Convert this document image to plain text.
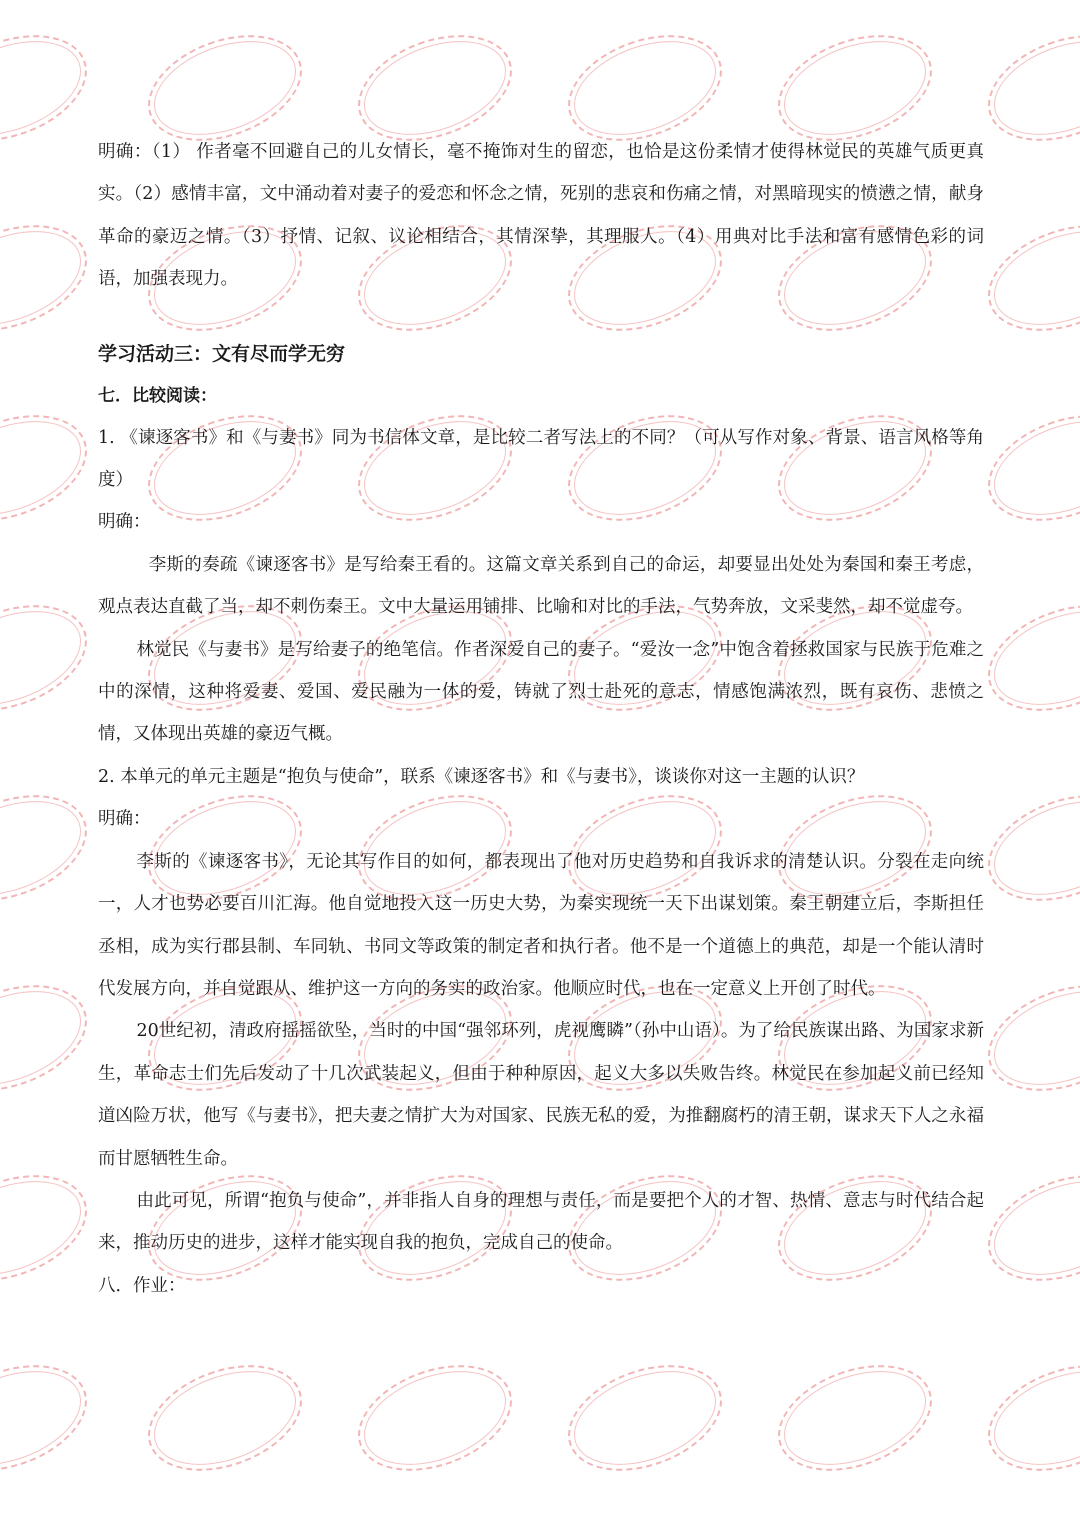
明确：（1） 作者毫不回避自己的儿女情长，毫不掩饰对生的留恋，也恰是这份柔情才使得林觉民的英雄气质更真实。（2）感情丰富，文中涌动着对妻子的爱恋和怀念之情，死别的悲哀和伤痛之情，对黑暗现实的愤懑之情，献身革命的豪迈之情。（3）抒情、记叙、议论相结合，其情深挚，其理服人。（4）用典对比手法和富有感情色彩的词语，加强表现力。

学习活动三：文有尽而学无穷

七．比较阅读：

1. 《谏逐客书》和《与妻书》同为书信体文章，是比较二者写法上的不同？（可从写作对象、背景、语言风格等角度）

明确：

李斯的奏疏《谏逐客书》是写给秦王看的。这篇文章关系到自己的命运，却要显出处处为秦国和秦王考虑，观点表达直截了当，却不刺伤秦王。文中大量运用铺排、比喻和对比的手法，气势奔放，文采斐然，却不觉虚夸。

林觉民《与妻书》是写给妻子的绝笔信。作者深爱自己的妻子。“爱汝一念”中饱含着拯救国家与民族于危难之中的深情，这种将爱妻、爱国、爱民融为一体的爱，铸就了烈士赴死的意志，情感饱满浓烈，既有哀伤、悲愤之情，又体现出英雄的豪迈气概。

2. 本单元的单元主题是“抱负与使命”，联系《谏逐客书》和《与妻书》，谈谈你对这一主题的认识？

明确：

李斯的《谏逐客书》，无论其写作目的如何，都表现出了他对历史趋势和自我诉求的清楚认识。分裂在走向统一，人才也势必要百川汇海。他自觉地投入这一历史大势，为秦实现统一天下出谋划策。秦王朝建立后，李斯担任丞相，成为实行郡县制、车同轨、书同文等政策的制定者和执行者。他不是一个道德上的典范，却是一个能认清时代发展方向，并自觉跟从、维护这一方向的务实的政治家。他顺应时代，也在一定意义上开创了时代。

20世纪初，清政府摇摇欲坠，当时的中国“强邻环列，虎视鹰瞵”（孙中山语）。为了给民族谋出路、为国家求新生，革命志士们先后发动了十几次武装起义，但由于种种原因，起义大多以失败告终。林觉民在参加起义前已经知道凶险万状，他写《与妻书》，把夫妻之情扩大为对国家、民族无私的爱，为推翻腐朽的清王朝，谋求天下人之永福而甘愿牺牲生命。

由此可见，所谓“抱负与使命”，并非指人自身的理想与责任，而是要把个人的才智、热情、意志与时代结合起来，推动历史的进步，这样才能实现自我的抱负，完成自己的使命。

八．作业：
